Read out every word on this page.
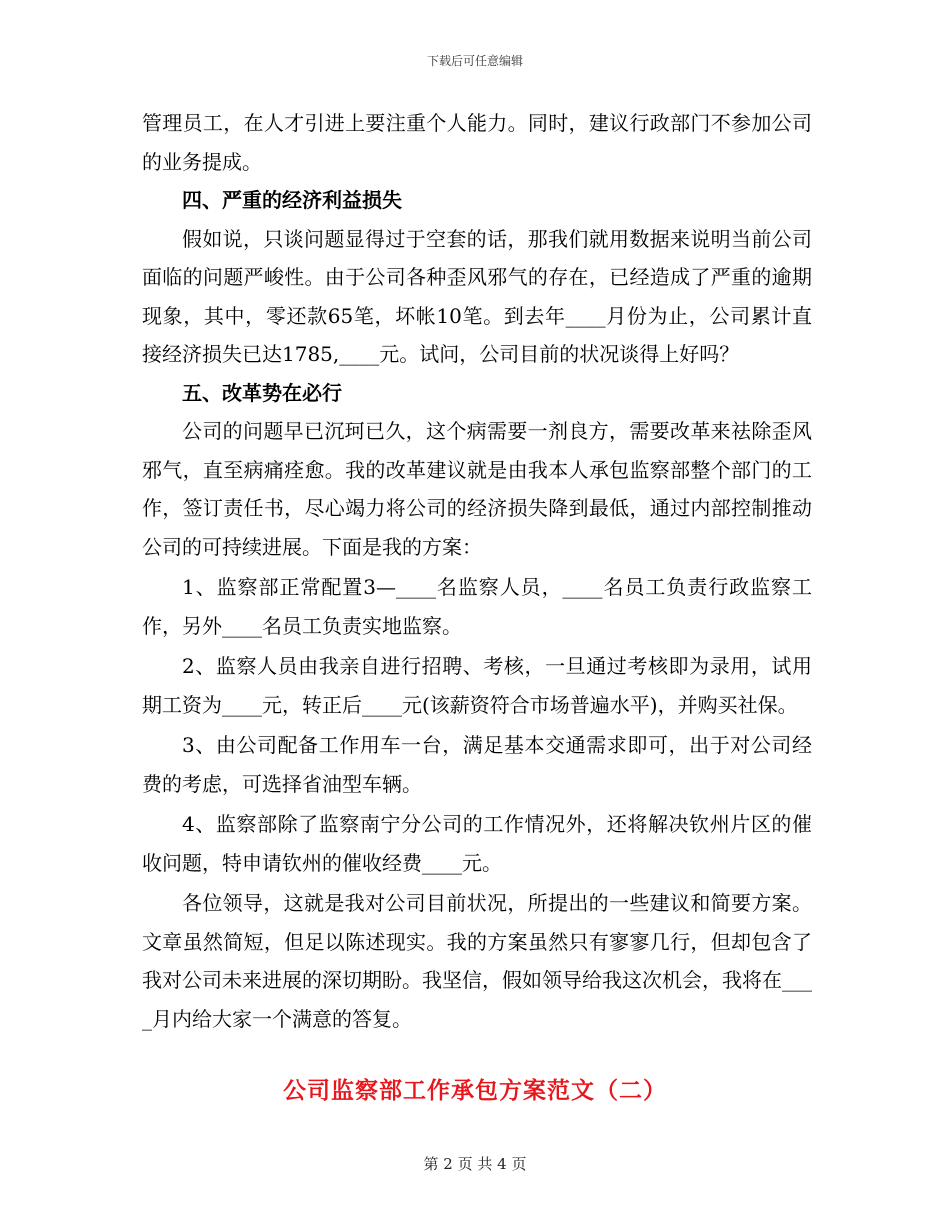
下载后可任意编辑

管理员工，在人才引进上要注重个人能力。同时，建议行政部门不参加公司的业务提成。

四、严重的经济利益损失

假如说，只谈问题显得过于空套的话，那我们就用数据来说明当前公司面临的问题严峻性。由于公司各种歪风邪气的存在，已经造成了严重的逾期现象，其中，零还款65笔，坏帐10笔。到去年____月份为止，公司累计直接经济损失已达1785,____元。试问，公司目前的状况谈得上好吗？

五、改革势在必行

公司的问题早已沉珂已久，这个病需要一剂良方，需要改革来祛除歪风邪气，直至病痛痊愈。我的改革建议就是由我本人承包监察部整个部门的工作，签订责任书，尽心竭力将公司的经济损失降到最低，通过内部控制推动公司的可持续进展。下面是我的方案：

1、监察部正常配置3—____名监察人员，____名员工负责行政监察工作，另外____名员工负责实地监察。

2、监察人员由我亲自进行招聘、考核，一旦通过考核即为录用，试用期工资为____元，转正后____元(该薪资符合市场普遍水平)，并购买社保。

3、由公司配备工作用车一台，满足基本交通需求即可，出于对公司经费的考虑，可选择省油型车辆。

4、监察部除了监察南宁分公司的工作情况外，还将解决钦州片区的催收问题，特申请钦州的催收经费____元。

各位领导，这就是我对公司目前状况，所提出的一些建议和简要方案。文章虽然简短，但足以陈述现实。我的方案虽然只有寥寥几行，但却包含了我对公司未来进展的深切期盼。我坚信，假如领导给我这次机会，我将在____月内给大家一个满意的答复。

公司监察部工作承包方案范文（二）
第 2 页 共 4 页
